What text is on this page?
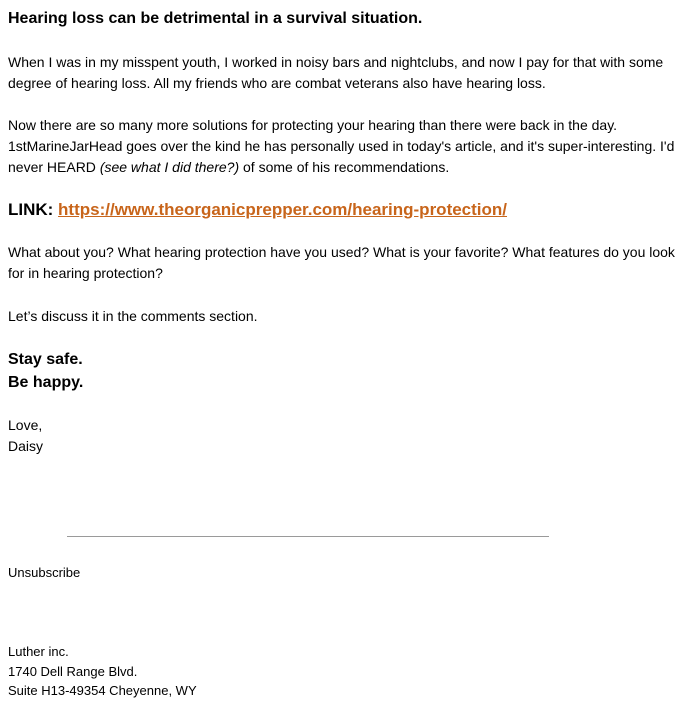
Hearing loss can be detrimental in a survival situation.
When I was in my misspent youth, I worked in noisy bars and nightclubs, and now I pay for that with some degree of hearing loss. All my friends who are combat veterans also have hearing loss.
Now there are so many more solutions for protecting your hearing than there were back in the day. 1stMarineJarHead goes over the kind he has personally used in today's article, and it's super-interesting. I'd never HEARD (see what I did there?) of some of his recommendations.
LINK: https://www.theorganicprepper.com/hearing-protection/
What about you? What hearing protection have you used? What is your favorite? What features do you look for in hearing protection?
Let’s discuss it in the comments section.
Stay safe.
Be happy.
Love,
Daisy
Unsubscribe
Luther inc.
1740 Dell Range Blvd.
Suite H13-49354 Cheyenne, WY
